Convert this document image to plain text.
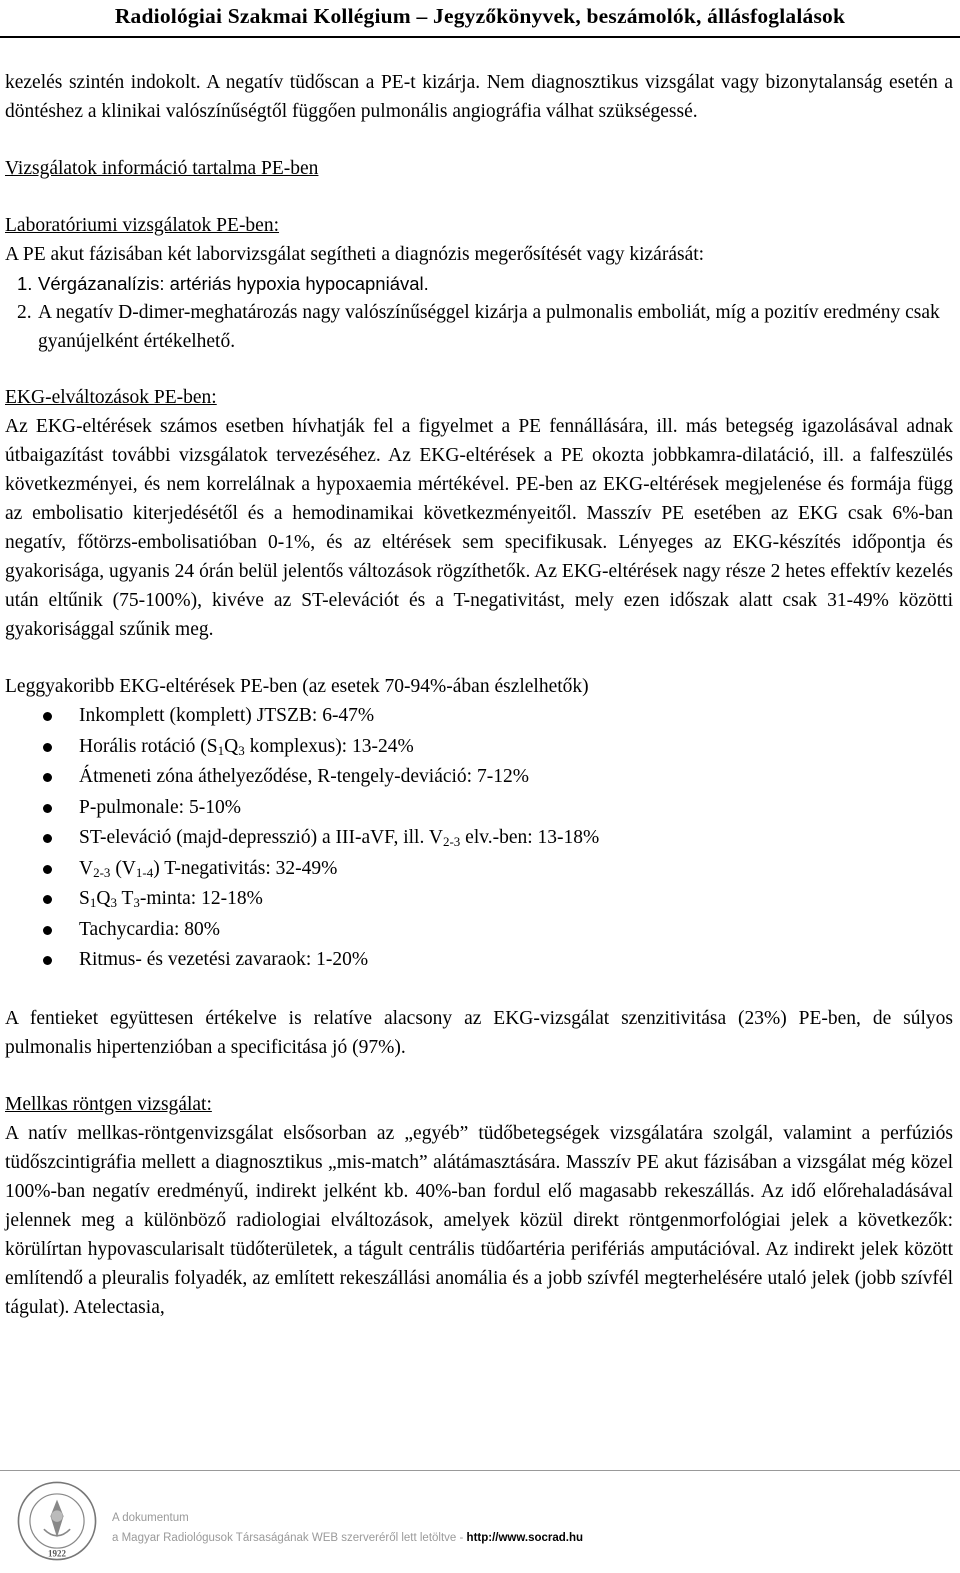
Radiológiai Szakmai Kollégium – Jegyzőkönyvek, beszámolók, állásfoglalások

kezelés szintén indokolt. A negatív tüdőscan a PE-t kizárja. Nem diagnosztikus vizsgálat vagy bizonytalanság esetén a döntéshez a klinikai valószínűségtől függően pulmonális angiográfia válhat szükségessé.

Vizsgálatok információ tartalma PE-ben

Laboratóriumi vizsgálatok PE-ben:

A PE akut fázisában két laborvizsgálat segítheti a diagnózis megerősítését vagy kizárását:

1. Vérgázanalízis: artériás hypoxia hypocapniával.
2. A negatív D-dimer-meghatározás nagy valószínűséggel kizárja a pulmonalis emboliát, míg a pozitív eredmény csak gyanújelként értékelhető.

EKG-elváltozások PE-ben:

Az EKG-eltérések számos esetben hívhatják fel a figyelmet a PE fennállására, ill. más betegség igazolásával adnak útbaigazítást további vizsgálatok tervezéséhez. Az EKG-eltérések a PE okozta jobbkamra-dilatáció, ill. a falfeszülés következményei, és nem korrelálnak a hypoxaemia mértékével. PE-ben az EKG-eltérések megjelenése és formája függ az embolisatio kiterjedésétől és a hemodinamikai következményeitől. Masszív PE esetében az EKG csak 6%-ban negatív, főtörzs-embolisatióban 0-1%, és az eltérések sem specifikusak. Lényeges az EKG-készítés időpontja és gyakorisága, ugyanis 24 órán belül jelentős változások rögzíthetők. Az EKG-eltérések nagy része 2 hetes effektív kezelés után eltűnik (75-100%), kivéve az ST-elevációt és a T-negativitást, mely ezen időszak alatt csak 31-49% közötti gyakorisággal szűnik meg.

Leggyakoribb EKG-eltérések PE-ben (az esetek 70-94%-ában észlelhetők)

Inkomplett (komplett) JTSZB: 6-47%
Horális rotáció ($S_1Q_3$ komplexus): 13-24%
Átmeneti zóna áthelyeződése, R-tengely-deviáció: 7-12%
P-pulmonale: 5-10%
ST-eleváció (majd-depresszió) a III-aVF, ill. $V_{2-3}$ elv.-ben: 13-18%
$V_{2-3}$ $(V_{1-4})$ T-negativitás: 32-49%
$S_1Q_3$ $T_3$-minta: 12-18%
Tachycardia: 80%
Ritmus- és vezetési zavaraok: 1-20%

A fentieket együttesen értékelve is relatíve alacsony az EKG-vizsgálat szenzitivitása (23%) PE-ben, de súlyos pulmonalis hipertenzióban a specificitása jó (97%).

Mellkas röntgen vizsgálat:

A natív mellkas-röntgenvizsgálat elsősorban az „egyéb” tüdőbetegségek vizsgálatára szolgál, valamint a perfúziós tüdőszcintigráfia mellett a diagnosztikus „mis-match” alátámasztására. Masszív PE akut fázisában a vizsgálat még közel 100%-ban negatív eredményű, indirekt jelként kb. 40%-ban fordul elő magasabb rekeszállás. Az idő előrehaladásával jelennek meg a különböző radiologiai elváltozások, amelyek közül direkt röntgenmorfológiai jelek a következők: körülírtan hypovascularisalt tüdőterületek, a tágult centrális tüdőartéria perifériás amputációval. Az indirekt jelek között említendő a pleuralis folyadék, az említett rekeszállási anomália és a jobb szívfél megterhelésére utaló jelek (jobb szívfél tágulat). Atelectasia,

1922
A dokumentum
a Magyar Radiológusok Társaságának WEB szerveréről lett letöltve - http://www.socrad.hu
